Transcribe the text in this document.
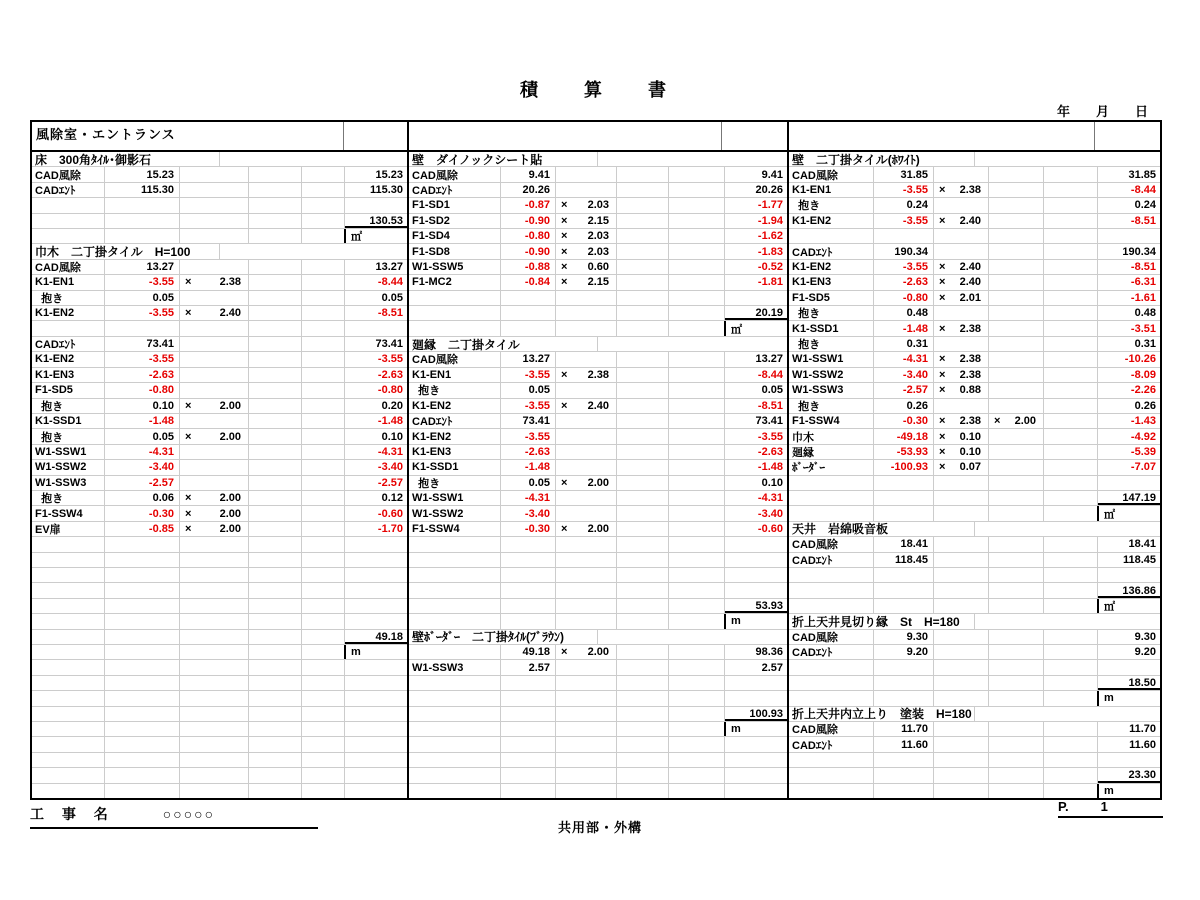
積　算　書
年　　月　　日
風除室・エントランス
床　300角ﾀｲﾙ･御影石
CAD風除	15.23	15.23
CADｴﾝﾄ	115.30	115.30
130.53
㎡
巾木　二丁掛タイル　H=100
CAD風除	13.27	13.27
K1-EN1	-3.55	×	2.38	-8.44
抱き	0.05	0.05
K1-EN2	-3.55	×	2.40	-8.51
CADｴﾝﾄ	73.41	73.41
K1-EN2	-3.55	-3.55
K1-EN3	-2.63	-2.63
F1-SD5	-0.80	-0.80
抱き	0.10	×	2.00	0.20
K1-SSD1	-1.48	-1.48
抱き	0.05	×	2.00	0.10
W1-SSW1	-4.31	-4.31
W1-SSW2	-3.40	-3.40
W1-SSW3	-2.57	-2.57
抱き	0.06	×	2.00	0.12
F1-SSW4	-0.30	×	2.00	-0.60
EV扉	-0.85	×	2.00	-1.70
49.18
m
壁　ダイノックシート貼
CAD風除	9.41	9.41
CADｴﾝﾄ	20.26	20.26
F1-SD1	-0.87	× 2.03	-1.77
F1-SD2	-0.90	× 2.15	-1.94
F1-SD4	-0.80	× 2.03	-1.62
F1-SD8	-0.90	× 2.03	-1.83
W1-SSW5	-0.88	× 0.60	-0.52
F1-MC2	-0.84	× 2.15	-1.81
20.19
㎡
廻縁　二丁掛タイル
CAD風除	13.27	13.27
K1-EN1	-3.55	× 2.38	-8.44
抱き	0.05	0.05
K1-EN2	-3.55	× 2.40	-8.51
CADｴﾝﾄ	73.41	73.41
K1-EN2	-3.55	-3.55
K1-EN3	-2.63	-2.63
K1-SSD1	-1.48	-1.48
抱き	0.05	× 2.00	0.10
W1-SSW1	-4.31	-4.31
W1-SSW2	-3.40	-3.40
F1-SSW4	-0.30	× 2.00	-0.60
53.93
m
壁ﾎﾞｰﾀﾞｰ　二丁掛ﾀｲﾙ(ﾌﾞﾗｳﾝ)
49.18	× 2.00	98.36
W1-SSW3	2.57	2.57
100.93
m
壁　二丁掛タイル(ﾎﾜｲﾄ)
CAD風除	31.85	31.85
K1-EN1	-3.55	× 2.38	-8.44
抱き	0.24	0.24
K1-EN2	-3.55	× 2.40	-8.51
CADｴﾝﾄ	190.34	190.34
K1-EN2	-3.55	× 2.40	-8.51
K1-EN3	-2.63	× 2.40	-6.31
F1-SD5	-0.80	× 2.01	-1.61
抱き	0.48	0.48
K1-SSD1	-1.48	× 2.38	-3.51
抱き	0.31	0.31
W1-SSW1	-4.31	× 2.38	-10.26
W1-SSW2	-3.40	× 2.38	-8.09
W1-SSW3	-2.57	× 0.88	-2.26
抱き	0.26	0.26
F1-SSW4	-0.30	× 2.38 × 2.00	-1.43
巾木	-49.18	× 0.10	-4.92
廻縁	-53.93	× 0.10	-5.39
ﾎﾞｰﾀﾞｰ	-100.93	× 0.07	-7.07
147.19
㎡
天井　岩綿吸音板
CAD風除	18.41	18.41
CADｴﾝﾄ	118.45	118.45
136.86
㎡
折上天井見切り縁　St　H=180
CAD風除	9.30	9.30
CADｴﾝﾄ	9.20	9.20
18.50
m
折上天井内立上り　塗装　H=180
CAD風除	11.70	11.70
CADｴﾝﾄ	11.60	11.60
23.30
m
工 事 名	○○○○○
共用部・外構
P. 1
